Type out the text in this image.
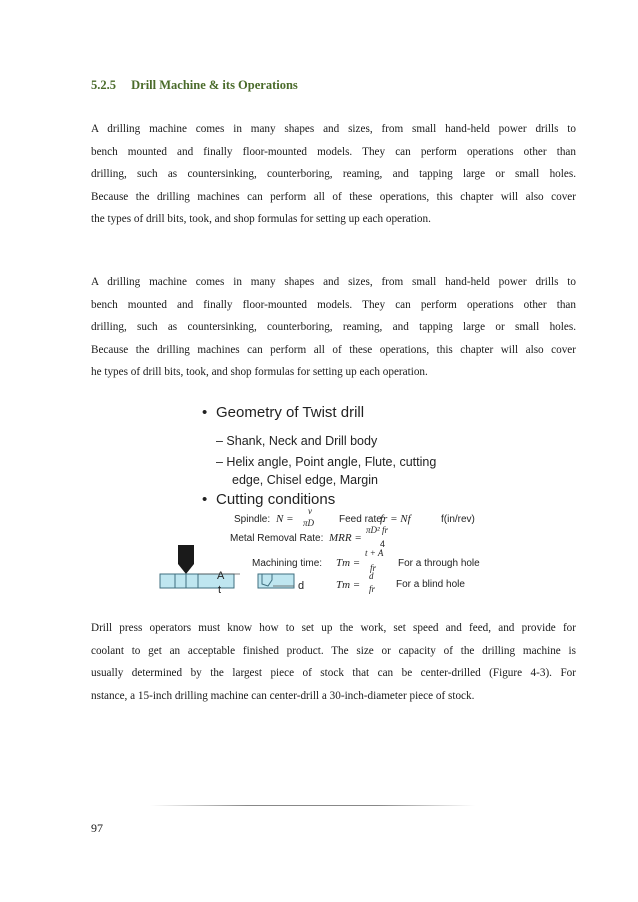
5.2.5 Drill Machine & its Operations

A drilling machine comes in many shapes and sizes, from small hand-held power drills to
bench mounted and finally floor-mounted models. They can perform operations other than
drilling, such as countersinking, counterboring, reaming, and tapping large or small holes.
Because the drilling machines can perform all of these operations, this chapter will also cover
the types of drill bits, took, and shop formulas for setting up each operation.

A drilling machine comes in many shapes and sizes, from small hand-held power drills to
bench mounted and finally floor-mounted models. They can perform operations other than
drilling, such as countersinking, counterboring, reaming, and tapping large or small holes.
Because the drilling machines can perform all of these operations, this chapter will also cover
he types of drill bits, took, and shop formulas for setting up each operation.

• Geometry of Twist drill
– Shank, Neck and Drill body
– Helix angle, Point angle, Flute, cutting
edge, Chisel edge, Margin
• Cutting conditions
Spindle: N =
v
πD Feed rate:
fr = Nf	f(in/rev)
Metal Removal Rate: MRR =
πD² fr
4
Machining time: Tm =
t + A
fr For a through hole
Tm =
d
fr For a blind hole
A
t	d

Drill press operators must know how to set up the work, set speed and feed, and provide for
coolant to get an acceptable finished product. The size or capacity of the drilling machine is
usually determined by the largest piece of stock that can be center-drilled (Figure 4-3). For
nstance, a 15-inch drilling machine can center-drill a 30-inch-diameter piece of stock.

97
